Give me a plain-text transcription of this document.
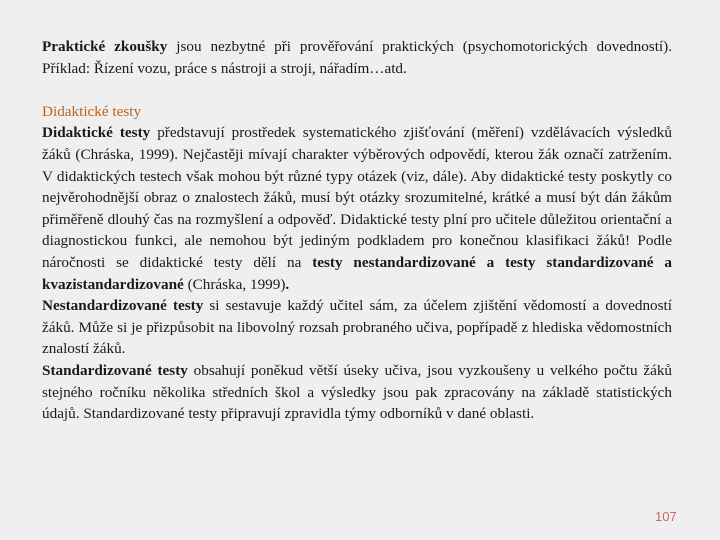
Praktické zkoušky jsou nezbytné při prověřování praktických (psychomotorických dovedností). Příklad: Řízení vozu, práce s nástroji a stroji, nářadím…atd.

Didaktické testy

Didaktické testy představují prostředek systematického zjišťování (měření) vzdělávacích výsledků žáků (Chráska, 1999). Nejčastěji mívají charakter výběrových odpovědí, kterou žák označí zatržením. V didaktických testech však mohou být různé typy otázek (viz, dále). Aby didaktické testy poskytly co nejvěrohodnější obraz o znalostech žáků, musí být otázky srozumitelné, krátké a musí být dán žákům přiměřeně dlouhý čas na rozmyšlení a odpověď. Didaktické testy plní pro učitele důležitou orientační a diagnostickou funkci, ale nemohou být jediným podkladem pro konečnou klasifikaci žáků! Podle náročnosti se didaktické testy dělí na testy nestandardizované a testy standardizované a kvazistandardizované (Chráska, 1999).

Nestandardizované testy si sestavuje každý učitel sám, za účelem zjištění vědomostí a dovedností žáků. Může si je přizpůsobit na libovolný rozsah probraného učiva, popřípadě z hlediska vědomostních znalostí žáků.

Standardizované testy obsahují poněkud větší úseky učiva, jsou vyzkoušeny u velkého počtu žáků stejného ročníku několika středních škol a výsledky jsou pak zpracovány na základě statistických údajů. Standardizované testy připravují zpravidla týmy odborníků v dané oblasti.

107
